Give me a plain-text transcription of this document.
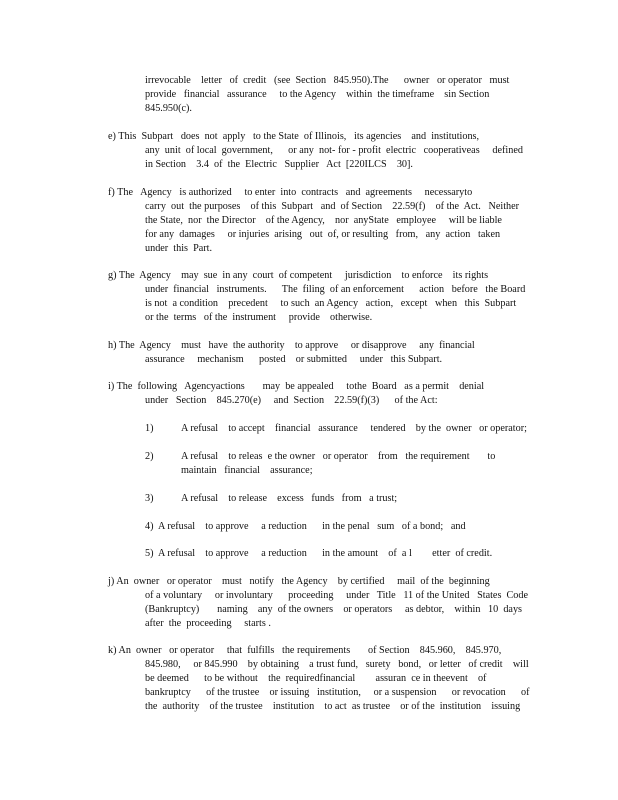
irrevocable    letter   of  credit   (see  Section   845.950).The      owner   or operator   must
provide   financial   assurance     to the Agency    within  the timeframe    sin Section
845.950(c).
e) This  Subpart   does  not  apply   to the State  of Illinois,   its agencies    and  institutions,
any  unit  of local  government,      or any  not- for - profit  electric   cooperativeas     defined
in Section    3.4  of  the  Electric   Supplier   Act  [220ILCS    30].
f) The   Agency   is authorized     to enter  into  contracts   and  agreements     necessaryto
carry  out  the purposes    of this  Subpart   and  of Section    22.59(f)    of the  Act.   Neither
the State,  nor  the Director    of the Agency,    nor  anyState   employee     will be liable
for any  damages     or injuries  arising   out  of, or resulting   from,   any  action   taken
under  this  Part.
g) The  Agency    may  sue  in any  court  of competent     jurisdiction    to enforce    its rights
under  financial   instruments.      The  filing  of an enforcement      action   before   the Board
is not  a condition    precedent     to such  an Agency   action,   except   when   this  Subpart
or the  terms   of the  instrument     provide    otherwise.
h) The  Agency    must   have  the authority    to approve     or disapprove     any  financial
assurance     mechanism      posted    or submitted     under   this Subpart.
i) The  following   Agencyactions       may  be appealed     tothe  Board   as a permit    denial
under   Section    845.270(e)     and  Section    22.59(f)(3)      of the Act:
1)	A refusal    to accept    financial   assurance     tendered    by the  owner   or operator;
2)	A refusal    to releas  e the owner   or operator    from   the requirement       to
maintain   financial    assurance;
3)	A refusal    to release    excess   funds   from   a trust;
4)  A refusal    to approve     a reduction      in the penal   sum   of a bond;   and
5)  A refusal    to approve     a reduction      in the amount    of  a l        etter  of credit.
j) An  owner   or operator    must   notify   the Agency    by certified     mail  of the  beginning
of a voluntary     or involuntary      proceeding     under   Title   11 of the United   States  Code
(Bankruptcy)       naming    any  of the owners    or operators     as debtor,    within   10  days
after  the  proceeding     starts .
k) An  owner   or operator     that  fulfills   the requirements       of Section    845.960,    845.970,
845.980,     or 845.990    by obtaining    a trust fund,   surety   bond,   or letter   of credit    will
be deemed      to be without    the  requiredfinancial        assuran  ce in theevent    of
bankruptcy      of the trustee    or issuing   institution,     or a suspension      or revocation      of
the  authority    of the trustee    institution    to act  as trustee    or of the  institution    issuing
